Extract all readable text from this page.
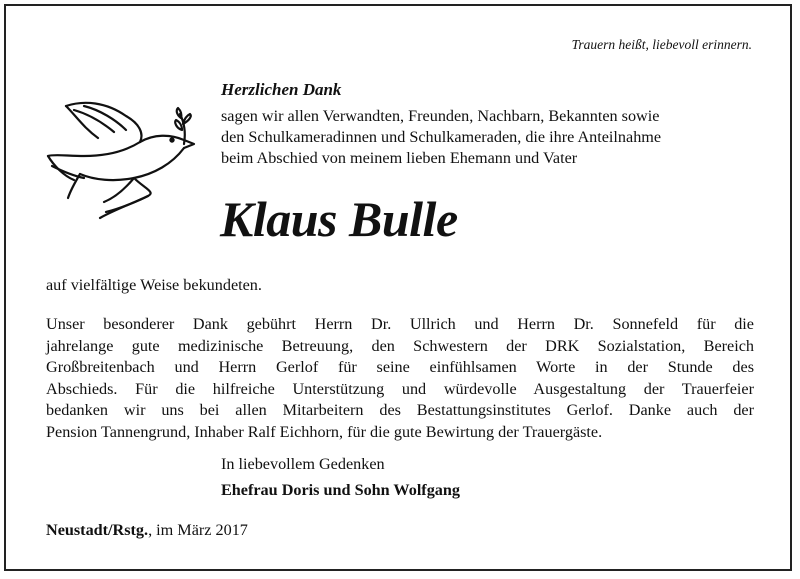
Trauern heißt, liebevoll erinnern.
Herzlichen Dank
sagen wir allen Verwandten, Freunden, Nachbarn, Bekannten sowie
den Schulkameradinnen und Schulkameraden, die ihre Anteilnahme
beim Abschied von meinem lieben Ehemann und Vater
Klaus Bulle
auf vielfältige Weise bekundeten.
Unser besonderer Dank gebührt Herrn Dr. Ullrich und Herrn Dr. Sonnefeld für die
jahrelange gute medizinische Betreuung, den Schwestern der DRK Sozialstation, Bereich
Großbreitenbach und Herrn Gerlof für seine einfühlsamen Worte in der Stunde des
Abschieds. Für die hilfreiche Unterstützung und würdevolle Ausgestaltung der Trauerfeier
bedanken wir uns bei allen Mitarbeitern des Bestattungsinstitutes Gerlof. Danke auch der
Pension Tannengrund, Inhaber Ralf Eichhorn, für die gute Bewirtung der Trauergäste.
In liebevollem Gedenken
Ehefrau Doris und Sohn Wolfgang
Neustadt/Rstg., im März 2017
